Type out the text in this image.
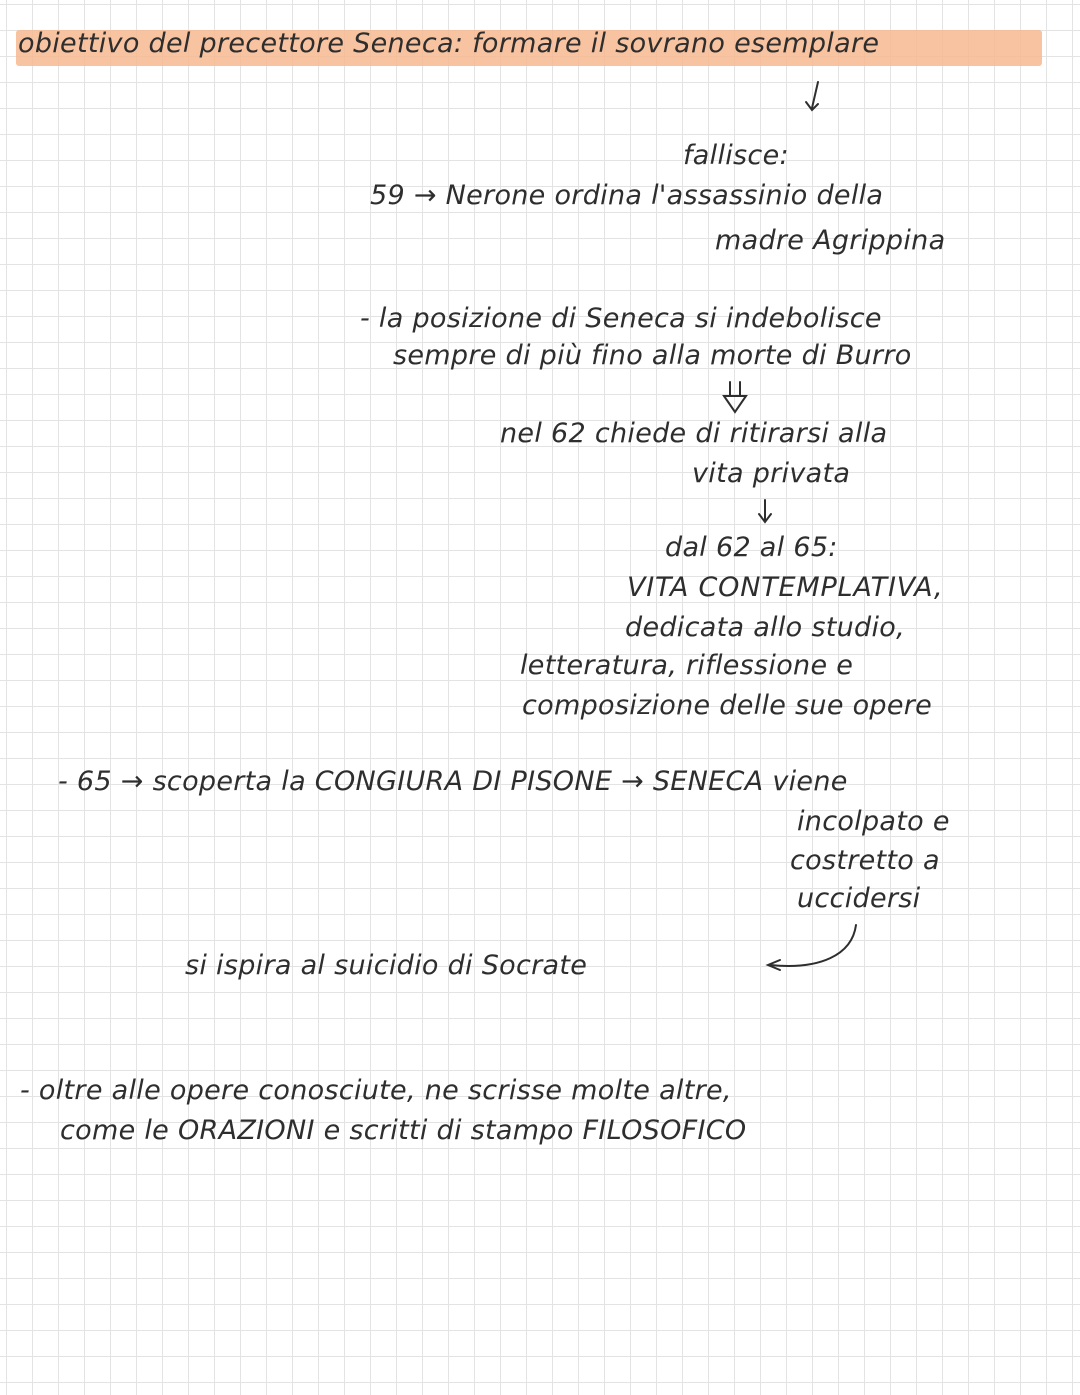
obiettivo del precettore Seneca: formare il sovrano esemplare
fallisce:
59 → Nerone ordina l'assassinio della
madre Agrippina
- la posizione di Seneca si indebolisce
sempre di più fino alla morte di Burro
nel 62 chiede di ritirarsi alla
vita privata
dal 62 al 65:
VITA CONTEMPLATIVA,
dedicata allo studio,
letteratura, riflessione e
composizione delle sue opere
- 65 → scoperta la CONGIURA DI PISONE → SENECA viene
incolpato e
costretto a
uccidersi
si ispira al suicidio di Socrate
- oltre alle opere conosciute, ne scrisse molte altre,
come le ORAZIONI e scritti di stampo FILOSOFICO
